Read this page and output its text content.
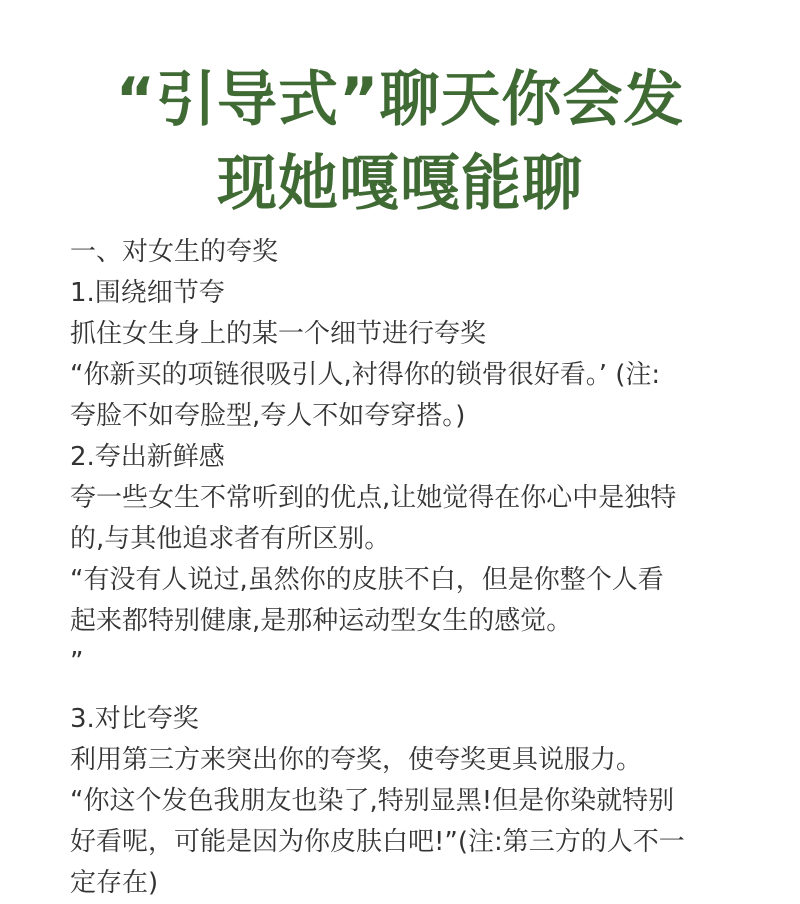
“引导式”聊天你会发
现她嘎嘎能聊
一、对女生的夸奖
1.围绕细节夸
抓住女生身上的某一个细节进行夸奖
“你新买的项链很吸引人,衬得你的锁骨很好看。’ (注:
夸脸不如夸脸型,夸人不如夸穿搭。)
2.夸出新鲜感
夸一些女生不常听到的优点,让她觉得在你心中是独特
的,与其他追求者有所区别。
“有没有人说过,虽然你的皮肤不白，但是你整个人看
起来都特别健康,是那种运动型女生的感觉。
”
3.对比夸奖
利用第三方来突出你的夸奖，使夸奖更具说服力。
“你这个发色我朋友也染了,特别显黑!但是你染就特别
好看呢，可能是因为你皮肤白吧!”(注:第三方的人不一
定存在)
